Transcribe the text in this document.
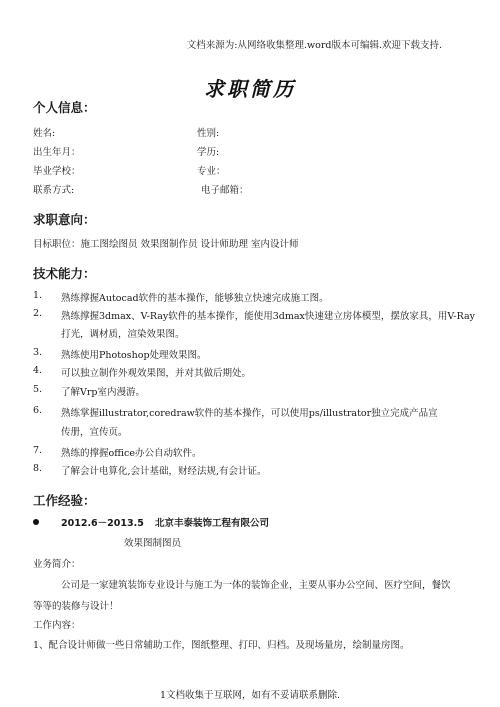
文档来源为:从网络收集整理.word版本可编辑.欢迎下载支持.
求职简历
个人信息：
姓名:	性别:
出生年月：	学历:
毕业学校：	专业：
联系方式:	电子邮箱：
求职意向：
目标职位：施工图绘图员 效果图制作员 设计师助理 室内设计师
技术能力：
1. 熟练撑握Autocad软件的基本操作，能够独立快速完成施工图。
2. 熟练撑握3dmax、V-Ray软件的基本操作，能使用3dmax快速建立房体模型，摆放家具，用V-Ray
打光，调材质，渲染效果图。
3. 熟练使用Photoshop处理效果图。
4. 可以独立制作外观效果图，并对其做后期处。
5. 了解Vrp室内漫游。
6. 熟练掌握illustrator,coredraw软件的基本操作，可以使用ps/illustrator独立完成产品宣
传册，宣传页。
7. 熟练的撑握office办公自动软件。
8. 了解会计电算化,会计基础，财经法规,有会计证。
工作经验：
2012.6－2013.5 北京丰泰装饰工程有限公司
效果图制图员
业务简介：
公司是一家建筑装饰专业设计与施工为一体的装饰企业，主要从事办公空间、医疗空间，餐饮
等等的装修与设计！
工作内容：
1、配合设计师做一些日常辅助工作，图纸整理、打印、归档。及现场量房，绘制量房图。
1文档收集于互联网，如有不妥请联系删除.
